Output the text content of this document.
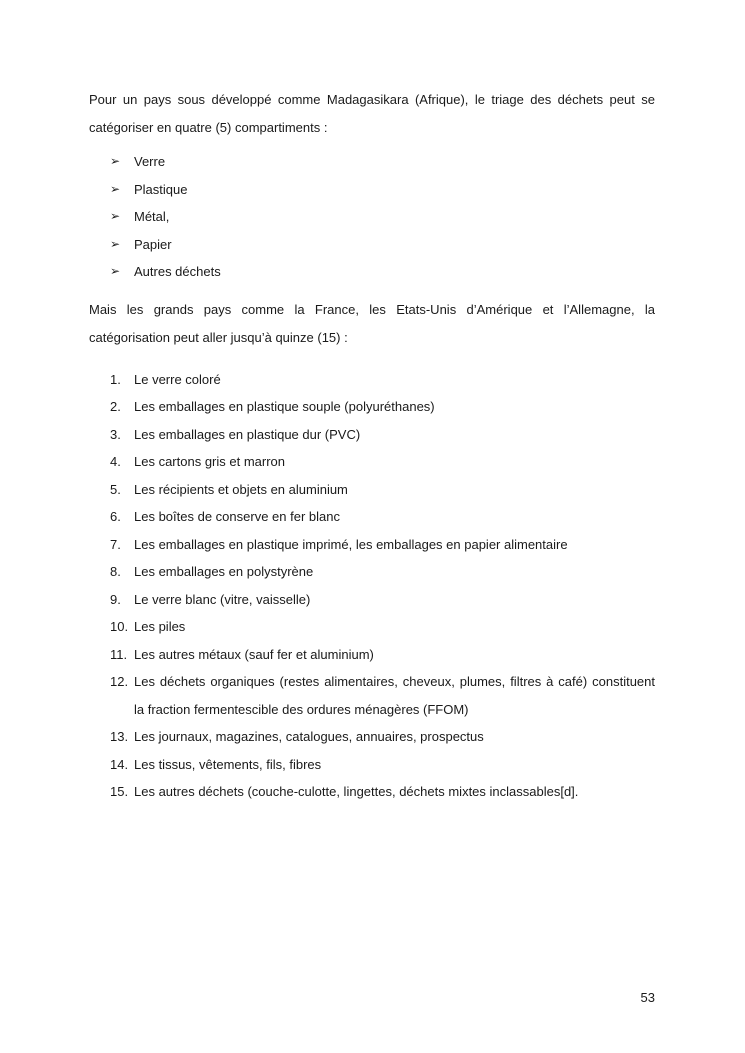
Pour un pays sous développé comme Madagasikara (Afrique), le triage des déchets peut se catégoriser en quatre (5) compartiments :

➢ Verre
➢ Plastique
➢ Métal,
➢ Papier
➢ Autres déchets

Mais les grands pays comme la France, les Etats-Unis d’Amérique et l’Allemagne, la catégorisation peut aller jusqu’à quinze (15) :

1. Le verre coloré
2. Les emballages en plastique souple (polyuréthanes)
3. Les emballages en plastique dur (PVC)
4. Les cartons gris et marron
5. Les récipients et objets en aluminium
6. Les boîtes de conserve en fer blanc
7. Les emballages en plastique imprimé, les emballages en papier alimentaire
8. Les emballages en polystyrène
9. Le verre blanc (vitre, vaisselle)
10. Les piles
11. Les autres métaux (sauf fer et aluminium)
12. Les déchets organiques (restes alimentaires, cheveux, plumes, filtres à café) constituent la fraction fermentescible des ordures ménagères (FFOM)
13. Les journaux, magazines, catalogues, annuaires, prospectus
14. Les tissus, vêtements, fils, fibres
15. Les autres déchets (couche-culotte, lingettes, déchets mixtes inclassables[d].
53
